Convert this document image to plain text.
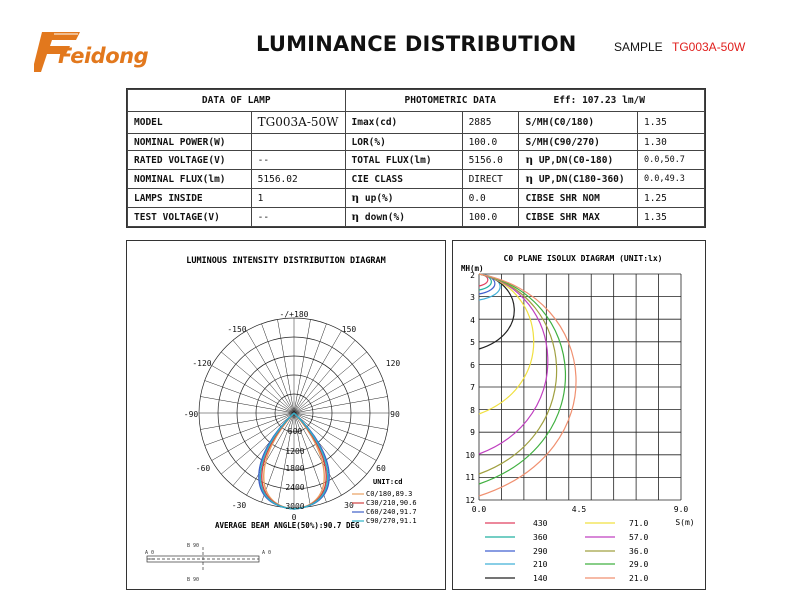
Feidong	LUMINANCE DISTRIBUTION	SAMPLE TG003A-50W
DATA OF LAMP		PHOTOMETRIC DATA Eff: 107.23 lm/W			
MODEL	TG003A-50W	Imax(cd)	2885	S/MH(C0/180)	1.35
NOMINAL POWER(W)		LOR(%)	100.0	S/MH(C90/270)	1.30
RATED VOLTAGE(V)	--	TOTAL FLUX(lm)	5156.0	η UP,DN(C0-180)	0.0,50.7
NOMINAL FLUX(lm)	5156.02	CIE CLASS	DIRECT	η UP,DN(C180-360)	0.0,49.3
LAMPS INSIDE	1	η up(%)	0.0	CIBSE SHR NOM	1.25
TEST VOLTAGE(V)	--	η down(%)	100.0	CIBSE SHR MAX	1.35
LUMINOUS INTENSITY DISTRIBUTION DIAGRAM
-/+180
-150	150
-120	120
-90	90
-60	60
-30	30
0
600
1200
1800
2400
3000
UNIT:cd
C0/180,89.3
C30/210,90.6
C60/240,91.7
C90/270,91.1
AVERAGE BEAM ANGLE(50%):90.7 DEG
B 90
B 90
A 0	A 0
C0 PLANE ISOLUX DIAGRAM (UNIT:lx)
MH(m)
2
3
4
5
6
7
8
9
10
11
12
0.0	4.5	9.0
S(m)
430
360
290
210
140
71.0
57.0
36.0
29.0
21.0
